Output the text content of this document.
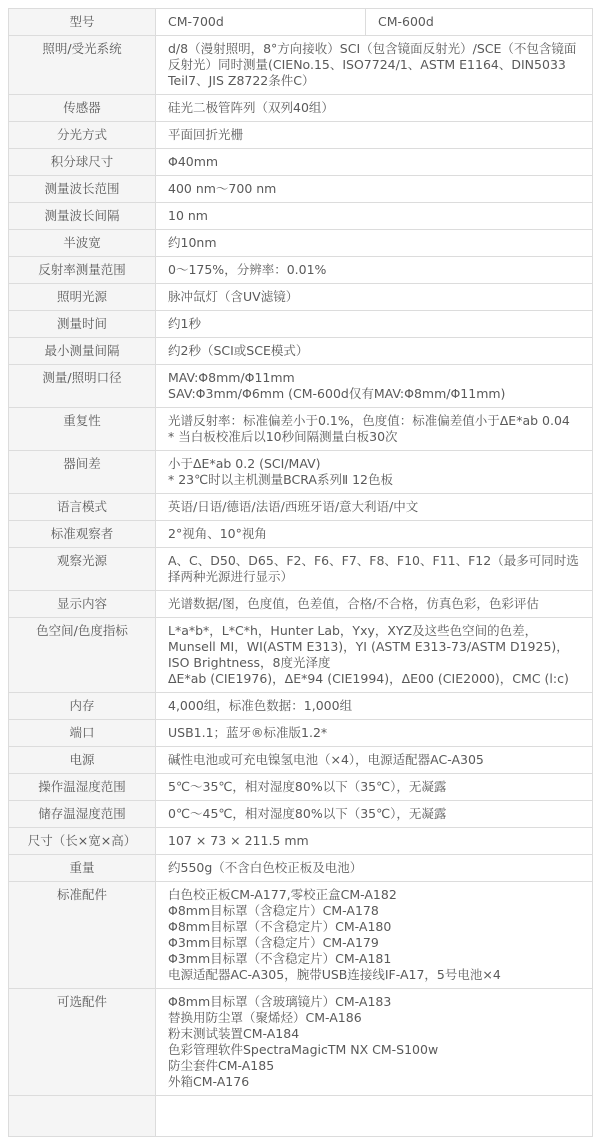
型号	CM-700d	CM-600d
照明/受光系统	d/8（漫射照明，8°方向接收）SCI（包含镜面反射光）/SCE（不包含镜面反射光）同时测量(CIENo.15、ISO7724/1、ASTM E1164、DIN5033 Teil7、JIS Z8722条件C）	

传感器	硅光二极管阵列（双列40组）	

分光方式	平面回折光栅	

积分球尺寸	Φ40mm	

测量波长范围	400 nm～700 nm	

测量波长间隔	10 nm	

半波宽	约10nm	

反射率测量范围	0～175%，分辨率：0.01%	

照明光源	脉冲氙灯（含UV滤镜）	

测量时间	约1秒	

最小测量间隔	约2秒（SCI或SCE模式）	

测量/照明口径	MAV:Φ8mm/Φ11mm
SAV:Φ3mm/Φ6mm (CM-600d仅有MAV:Φ8mm/Φ11mm)	

重复性	光谱反射率：标准偏差小于0.1%，色度值：标准偏差值小于ΔE*ab 0.04
* 当白板校准后以10秒间隔测量白板30次	

器间差	小于ΔE*ab 0.2 (SCI/MAV)
* 23℃时以主机测量BCRA系列Ⅱ 12色板	

语言模式	英语/日语/德语/法语/西班牙语/意大利语/中文	

标准观察者	2°视角、10°视角	

观察光源	A、C、D50、D65、F2、F6、F7、F8、F10、F11、F12（最多可同时选择两种光源进行显示）	

显示内容	光谱数据/图，色度值，色差值，合格/不合格，仿真色彩，色彩评估	

色空间/色度指标	L*a*b*，L*C*h，Hunter Lab，Yxy，XYZ及这些色空间的色差，Munsell MI，WI(ASTM E313)，YI (ASTM E313-73/ASTM D1925)，ISO Brightness，8度光泽度
ΔE*ab (CIE1976)，ΔE*94 (CIE1994)，ΔE00 (CIE2000)，CMC (l:c)	

内存	4,000组，标准色数据：1,000组	

端口	USB1.1；蓝牙®标准版1.2*	

电源	碱性电池或可充电镍氢电池（×4），电源适配器AC-A305	

操作温湿度范围	5℃～35℃，相对湿度80%以下（35℃），无凝露	

储存温湿度范围	0℃～45℃，相对湿度80%以下（35℃），无凝露	

尺寸（长×宽×高）	107 × 73 × 211.5 mm	

重量	约550g（不含白色校正板及电池）	

标准配件	白色校正板CM-A177,零校正盒CM-A182
Φ8mm目标罩（含稳定片）CM-A178
Φ8mm目标罩（不含稳定片）CM-A180
Φ3mm目标罩（含稳定片）CM-A179
Φ3mm目标罩（不含稳定片）CM-A181
电源适配器AC-A305，腕带USB连接线IF-A17，5号电池×4

可选配件	Φ8mm目标罩（含玻璃镜片）CM-A183
替换用防尘罩（聚烯烃）CM-A186
粉末测试装置CM-A184
色彩管理软件SpectraMagicTM NX CM-S100w
防尘套件CM-A185
外箱CM-A176
